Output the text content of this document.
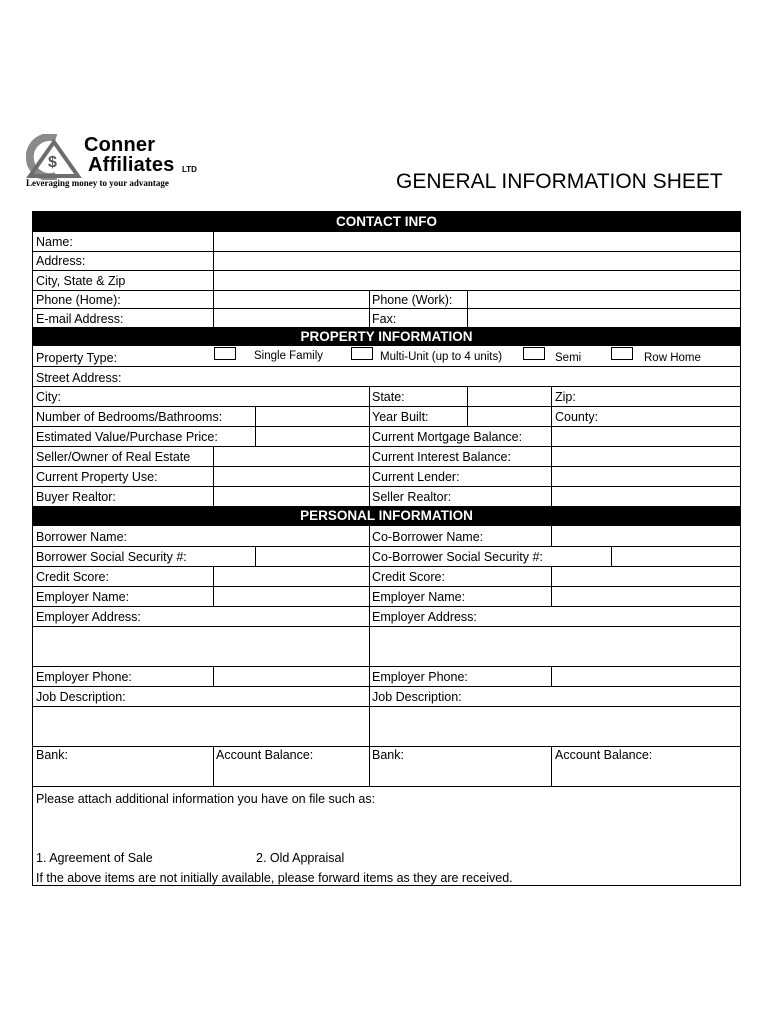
$
Conner
Affiliates LTD
Leveraging money to your advantage	GENERAL INFORMATION SHEET
CONTACT INFO
Name:
Address:
City, State & Zip
Phone (Home):	Phone (Work):
E-mail Address:	Fax:
PROPERTY INFORMATION
Property Type:	Single Family	Multi-Unit (up to 4 units)	Semi	Row Home
Street Address:
City:	State:	Zip:
Number of Bedrooms/Bathrooms:	Year Built:	County:
Estimated Value/Purchase Price:	Current Mortgage Balance:
Seller/Owner of Real Estate	Current Interest Balance:
Current Property Use:	Current Lender:
Buyer Realtor:	Seller Realtor:
PERSONAL INFORMATION
Borrower Name:	Co-Borrower Name:
Borrower Social Security #:	Co-Borrower Social Security #:
Credit Score:	Credit Score:
Employer Name:	Employer Name:
Employer Address:	Employer Address:
Employer Phone:	Employer Phone:
Job Description:	Job Description:
Bank:	Account Balance:	Bank:	Account Balance:
Please attach additional information you have on file such as:
1. Agreement of Sale	2. Old Appraisal
If the above items are not initially available, please forward items as they are received.
